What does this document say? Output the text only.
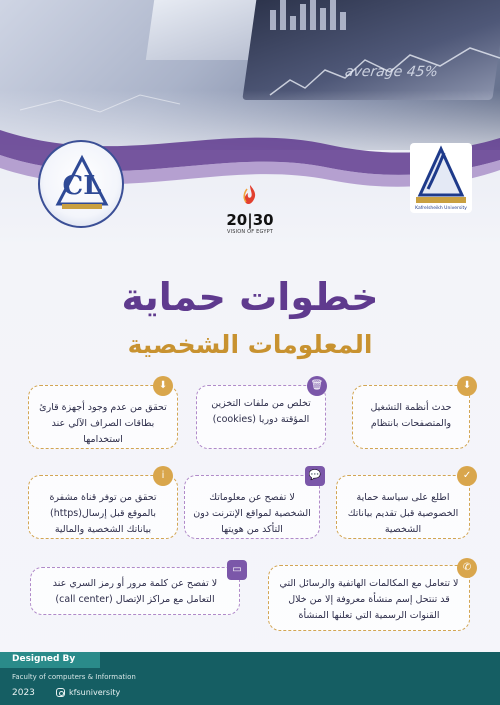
average 45%
CL
20|30
VISION OF EGYPT
Kafrelsheikh University
خطوات حماية
المعلومات الشخصية
⬇
تحقق من عدم وجود أجهزة قارئ بطاقات الصراف الآلي عند استخدامها
🗑
تخلص من ملفات التخزين المؤقتة دوريا (cookies)
⬇
حدث أنظمة التشغيل والمتصفحات بانتظام
i
تحقق من توفر قناة مشفرة بالموقع قبل إرسال(https) بياناتك الشخصية والمالية
💬
لا تفصح عن معلوماتك الشخصية لمواقع الإنترنت دون التأكد من هويتها
✓
اطلع على سياسة حماية الخصوصية قبل تقديم بياناتك الشخصية
▭
لا تفصح عن كلمة مرور أو رمز السري عند التعامل مع مراكز الإتصال (call center)
✆
لا تتعامل مع المكالمات الهاتفية والرسائل التي قد تنتحل إسم منشأة معروفة إلا من خلال القنوات الرسمية التي تعلنها المنشأة
Faculty of computers & Information
2023	kfsuniversity
Designed By
